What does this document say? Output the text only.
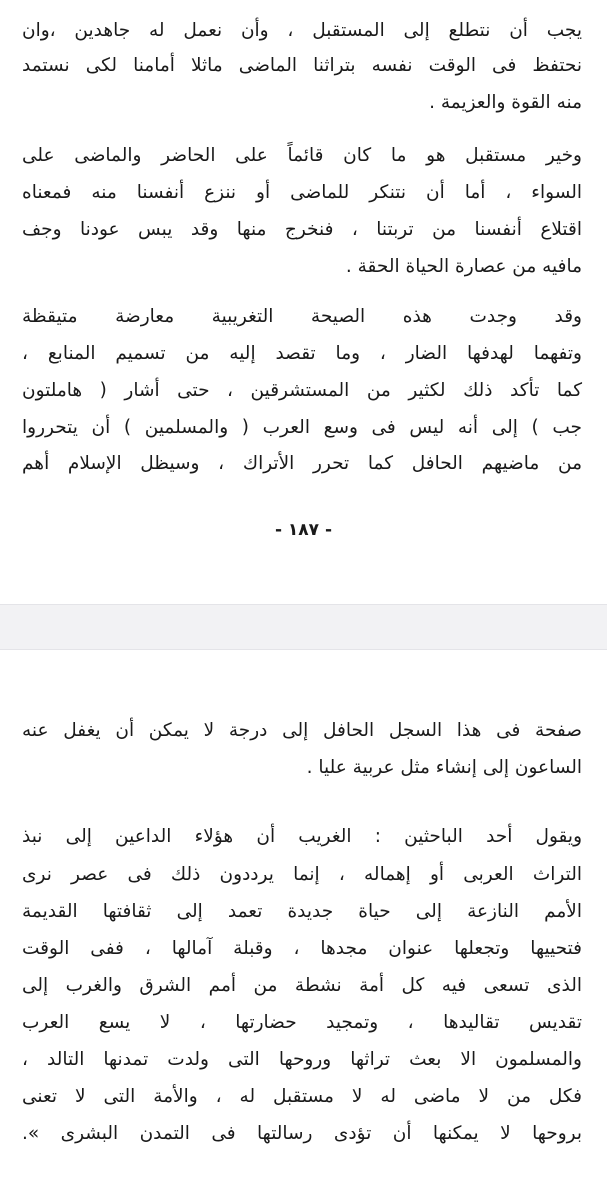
يجب أن نتطلع إلى المستقبل ، وأن نعمل له جاهدين ،وان
نحتفظ فى الوقت نفسه بتراثنا الماضى ماثلا أمامنا لكى نستمد
منه القوة والعزيمة .
وخير مستقبل هو ما كان قائماً على الحاضر والماضى على
السواء ، أما أن نتنكر للماضى أو ننزع أنفسنا منه فمعناه
اقتلاع أنفسنا من تربتنا ، فنخرج منها وقد يبس عودنا وجف
مافيه من عصارة الحياة الحقة .
وقد وجدت هذه الصيحة التغريبية معارضة متيقظة
وتفهما لهدفها الضار ، وما تقصد إليه من تسميم المنابع ،
كما تأكد ذلك لكثير من المستشرقين ، حتى أشار ( هاملتون
جب ) إلى أنه ليس فى وسع العرب ( والمسلمين ) أن يتحرروا
من ماضيهم الحافل كما تحرر الأتراك ، وسيظل الإسلام أهم
- ١٨٧ -
صفحة فى هذا السجل الحافل إلى درجة لا يمكن أن يغفل عنه
الساعون إلى إنشاء مثل عربية عليا .
ويقول أحد الباحثين : الغريب أن هؤلاء الداعين إلى نبذ
التراث العربى أو إهماله ، إنما يرددون ذلك فى عصر نرى
الأمم النازعة إلى حياة جديدة تعمد إلى ثقافتها القديمة
فتحييها وتجعلها عنوان مجدها ، وقبلة آمالها ، ففى الوقت
الذى تسعى فيه كل أمة نشطة من أمم الشرق والغرب إلى
تقديس تقاليدها ، وتمجيد حضارتها ، لا يسع العرب
والمسلمون الا بعث تراثها وروحها التى ولدت تمدنها التالد ،
فكل من لا ماضى له لا مستقبل له ، والأمة التى لا تعنى
بروحها لا يمكنها أن تؤدى رسالتها فى التمدن البشرى ».
